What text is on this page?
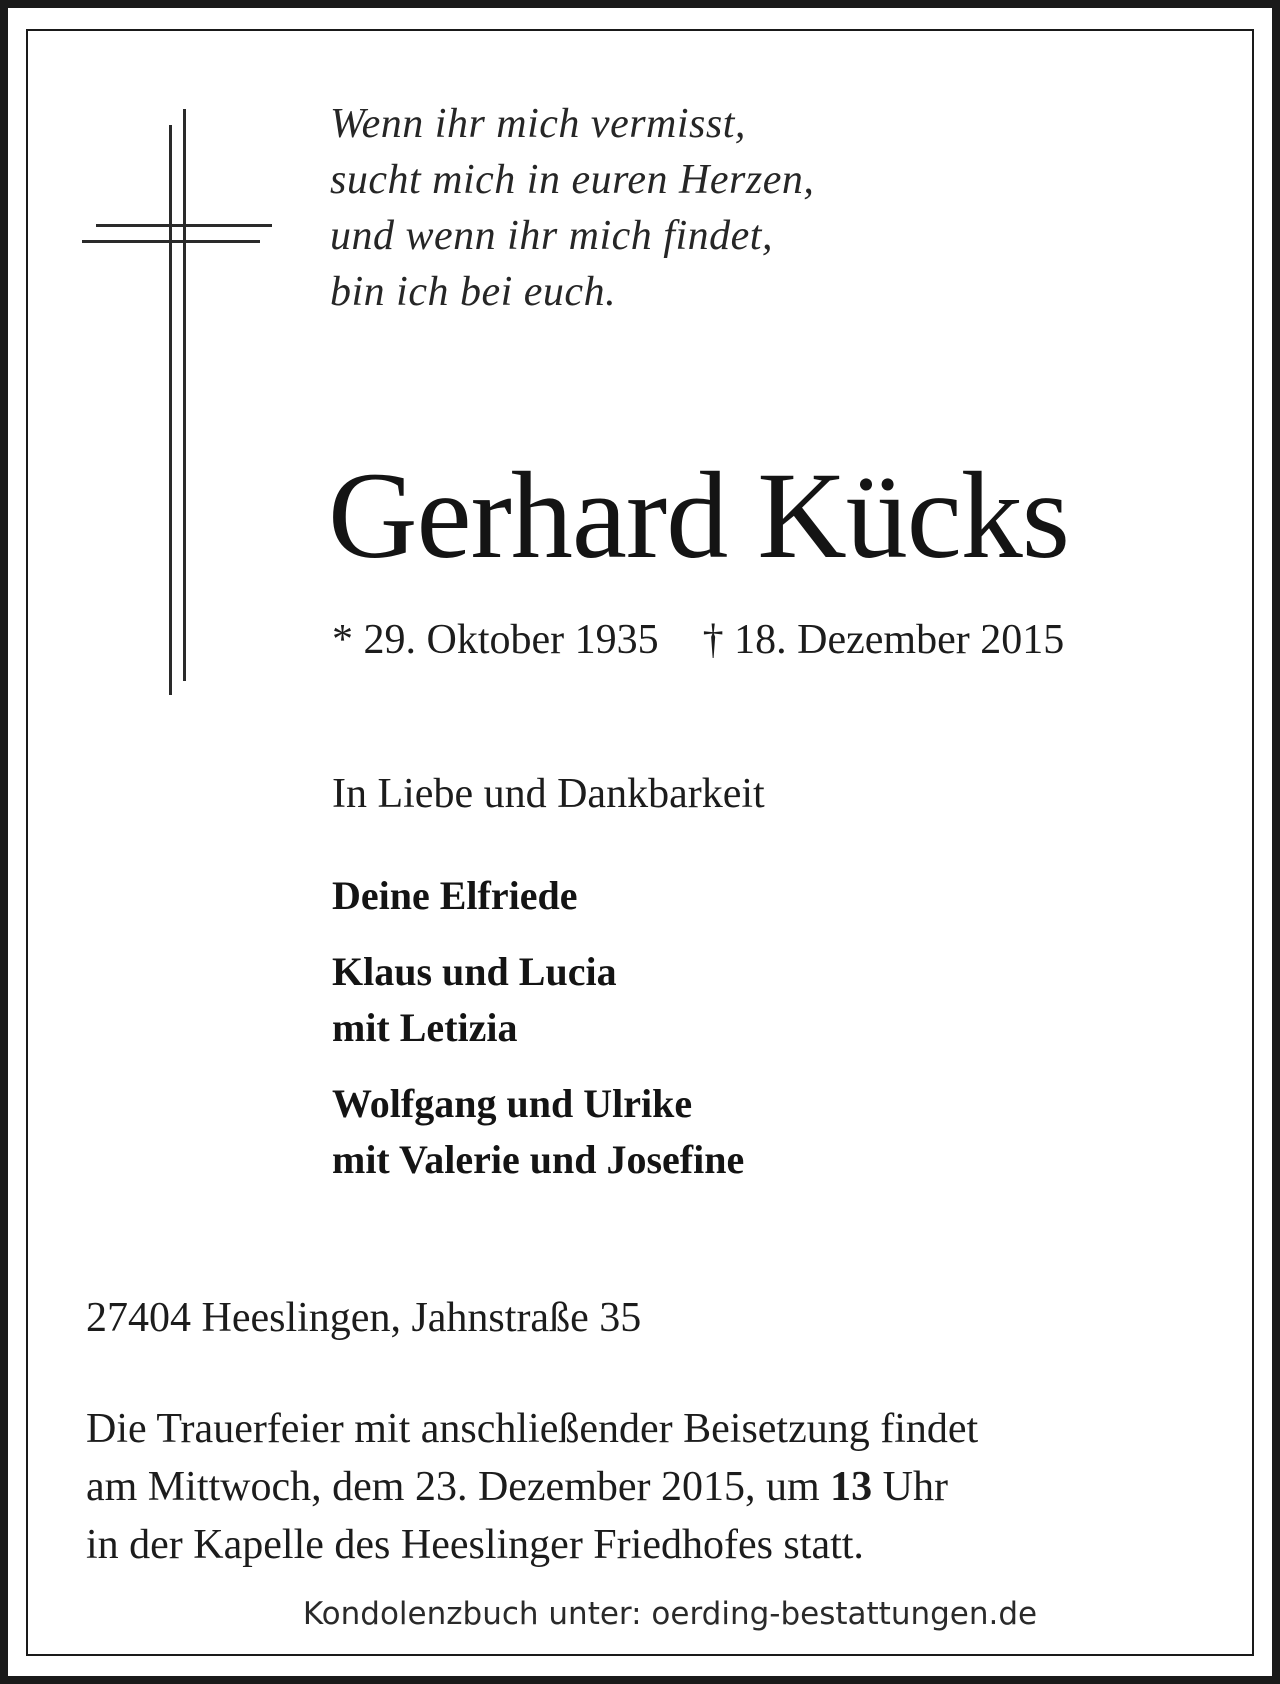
Wenn ihr mich vermisst,
sucht mich in euren Herzen,
und wenn ihr mich findet,
bin ich bei euch.
Gerhard Kücks
* 29. Oktober 1935 † 18. Dezember 2015
In Liebe und Dankbarkeit
Deine Elfriede
Klaus und Lucia
mit Letizia
Wolfgang und Ulrike
mit Valerie und Josefine
27404 Heeslingen, Jahnstraße 35
Die Trauerfeier mit anschließender Beisetzung findet
am Mittwoch, dem 23. Dezember 2015, um 13 Uhr
in der Kapelle des Heeslinger Friedhofes statt.
Kondolenzbuch unter: oerding-bestattungen.de
